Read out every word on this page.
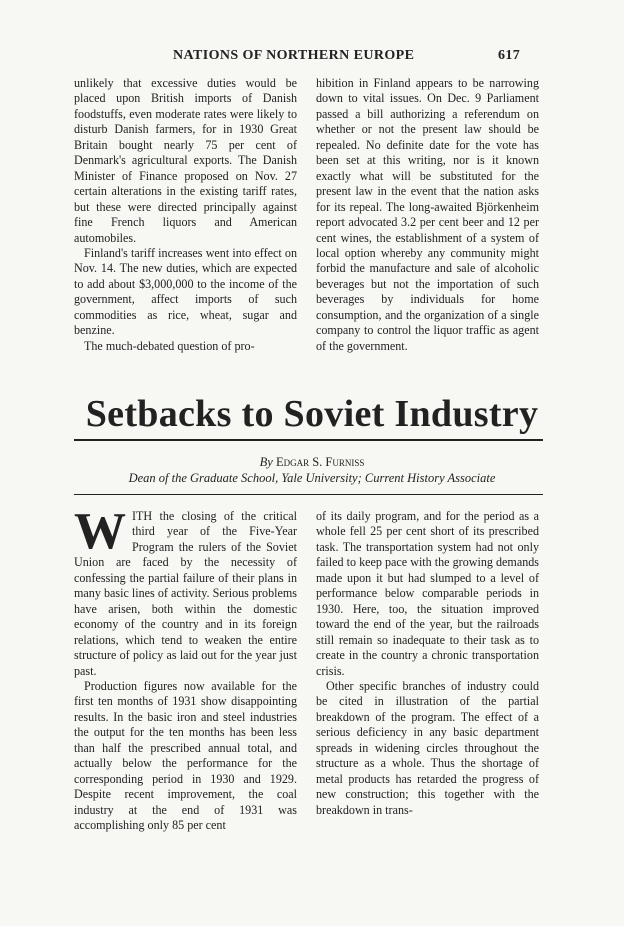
NATIONS OF NORTHERN EUROPE	617

unlikely that excessive duties would be placed upon British imports of Danish foodstuffs, even moderate rates were likely to disturb Danish farmers, for in 1930 Great Britain bought nearly 75 per cent of Denmark's agricultural exports. The Danish Minister of Finance proposed on Nov. 27 certain alterations in the existing tariff rates, but these were directed principally against fine French liquors and American automobiles.

Finland's tariff increases went into effect on Nov. 14. The new duties, which are expected to add about $3,000,000 to the income of the government, affect imports of such commodities as rice, wheat, sugar and benzine.

The much-debated question of pro-

hibition in Finland appears to be narrowing down to vital issues. On Dec. 9 Parliament passed a bill authorizing a referendum on whether or not the present law should be repealed. No definite date for the vote has been set at this writing, nor is it known exactly what will be substituted for the present law in the event that the nation asks for its repeal. The long-awaited Björkenheim report advocated 3.2 per cent beer and 12 per cent wines, the establishment of a system of local option whereby any community might forbid the manufacture and sale of alcoholic beverages but not the importation of such beverages by individuals for home consumption, and the organization of a single company to control the liquor traffic as agent of the government.

Setbacks to Soviet Industry
By Edgar S. Furniss
Dean of the Graduate School, Yale University; Current History Associate

WITH the closing of the critical third year of the Five-Year Program the rulers of the Soviet Union are faced by the necessity of confessing the partial failure of their plans in many basic lines of activity. Serious problems have arisen, both within the domestic economy of the country and in its foreign relations, which tend to weaken the entire structure of policy as laid out for the year just past.

Production figures now available for the first ten months of 1931 show disappointing results. In the basic iron and steel industries the output for the ten months has been less than half the prescribed annual total, and actually below the performance for the corresponding period in 1930 and 1929. Despite recent improvement, the coal industry at the end of 1931 was accomplishing only 85 per cent

of its daily program, and for the period as a whole fell 25 per cent short of its prescribed task. The transportation system had not only failed to keep pace with the growing demands made upon it but had slumped to a level of performance below comparable periods in 1930. Here, too, the situation improved toward the end of the year, but the railroads still remain so inadequate to their task as to create in the country a chronic transportation crisis.

Other specific branches of industry could be cited in illustration of the partial breakdown of the program. The effect of a serious deficiency in any basic department spreads in widening circles throughout the structure as a whole. Thus the shortage of metal products has retarded the progress of new construction; this together with the breakdown in trans-
